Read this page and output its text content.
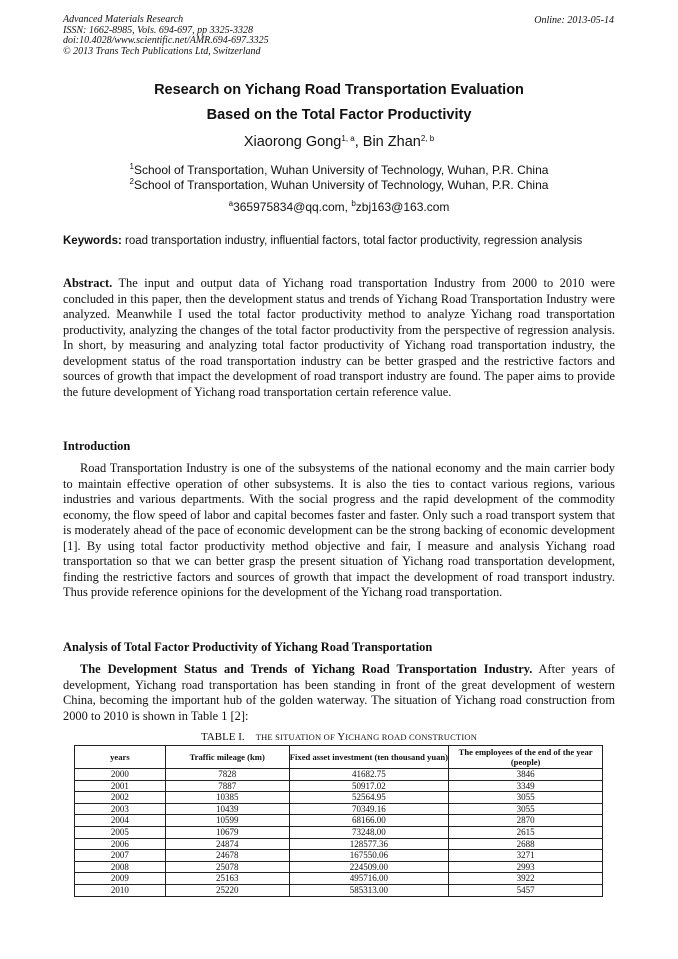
Advanced Materials Research
ISSN: 1662-8985, Vols. 694-697, pp 3325-3328
doi:10.4028/www.scientific.net/AMR.694-697.3325
© 2013 Trans Tech Publications Ltd, Switzerland
Online: 2013-05-14
Research on Yichang Road Transportation Evaluation
Based on the Total Factor Productivity
Xiaorong Gong$^{1, a}$, Bin Zhan$^{2, b}$
$^1$School of Transportation, Wuhan University of Technology, Wuhan, P.R. China
$^2$School of Transportation, Wuhan University of Technology, Wuhan, P.R. China
$^a$365975834@qq.com, $^b$zbj163@163.com
Keywords: road transportation industry, influential factors, total factor productivity, regression analysis
Abstract. The input and output data of Yichang road transportation Industry from 2000 to 2010 were concluded in this paper, then the development status and trends of Yichang Road Transportation Industry were analyzed. Meanwhile I used the total factor productivity method to analyze Yichang road transportation productivity, analyzing the changes of the total factor productivity from the perspective of regression analysis. In short, by measuring and analyzing total factor productivity of Yichang road transportation industry, the development status of the road transportation industry can be better grasped and the restrictive factors and sources of growth that impact the development of road transport industry are found. The paper aims to provide the future development of Yichang road transportation certain reference value.
Introduction
Road Transportation Industry is one of the subsystems of the national economy and the main carrier body to maintain effective operation of other subsystems. It is also the ties to contact various regions, various industries and various departments. With the social progress and the rapid development of the commodity economy, the flow speed of labor and capital becomes faster and faster. Only such a road transport system that is moderately ahead of the pace of economic development can be the strong backing of economic development [1]. By using total factor productivity method objective and fair, I measure and analysis Yichang road transportation so that we can better grasp the present situation of Yichang road transportation development, finding the restrictive factors and sources of growth that impact the development of road transport industry. Thus provide reference opinions for the development of the Yichang road transportation.
Analysis of Total Factor Productivity of Yichang Road Transportation
The Development Status and Trends of Yichang Road Transportation Industry. After years of development, Yichang road transportation has been standing in front of the great development of western China, becoming the important hub of the golden waterway. The situation of Yichang road construction from 2000 to 2010 is shown in Table 1 [2]:
TABLE I. THE SITUATION OF YICHANG ROAD CONSTRUCTION
years	Traffic mileage (km)	Fixed asset investment (ten thousand yuan)	The employees of the end of the year (people)
2000	7828	41682.75	3846
2001	7887	50917.02	3349
2002	10385	52564.95	3055
2003	10439	70349.16	3055
2004	10599	68166.00	2870
2005	10679	73248.00	2615
2006	24874	128577.36	2688
2007	24678	167550.06	3271
2008	25078	224509.00	2993
2009	25163	495716.00	3922
2010	25220	585313.00	5457
